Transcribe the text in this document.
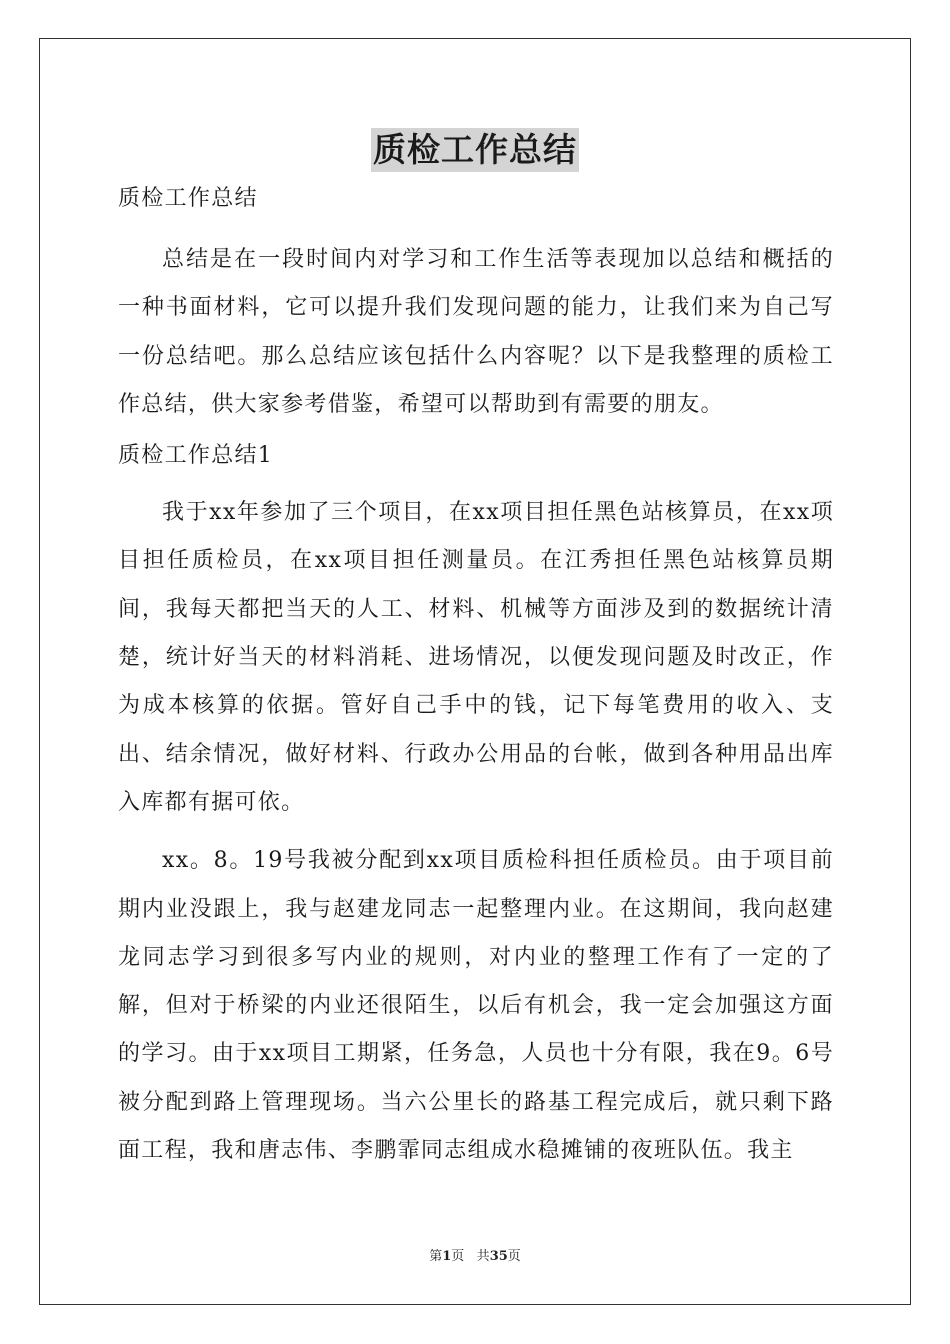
质检工作总结

质检工作总结

总结是在一段时间内对学习和工作生活等表现加以总结和概括的一种书面材料，它可以提升我们发现问题的能力，让我们来为自己写一份总结吧。那么总结应该包括什么内容呢？以下是我整理的质检工作总结，供大家参考借鉴，希望可以帮助到有需要的朋友。

质检工作总结1

我于xx年参加了三个项目，在xx项目担任黑色站核算员，在xx项目担任质检员，在xx项目担任测量员。在江秀担任黑色站核算员期间，我每天都把当天的人工、材料、机械等方面涉及到的数据统计清楚，统计好当天的材料消耗、进场情况，以便发现问题及时改正，作为成本核算的依据。管好自己手中的钱，记下每笔费用的收入、支出、结余情况，做好材料、行政办公用品的台帐，做到各种用品出库入库都有据可依。

xx。8。19号我被分配到xx项目质检科担任质检员。由于项目前期内业没跟上，我与赵建龙同志一起整理内业。在这期间，我向赵建龙同志学习到很多写内业的规则，对内业的整理工作有了一定的了解，但对于桥梁的内业还很陌生，以后有机会，我一定会加强这方面的学习。由于xx项目工期紧，任务急，人员也十分有限，我在9。6号被分配到路上管理现场。当六公里长的路基工程完成后，就只剩下路面工程，我和唐志伟、李鹏霏同志组成水稳摊铺的夜班队伍。我主

第1页 共35页
